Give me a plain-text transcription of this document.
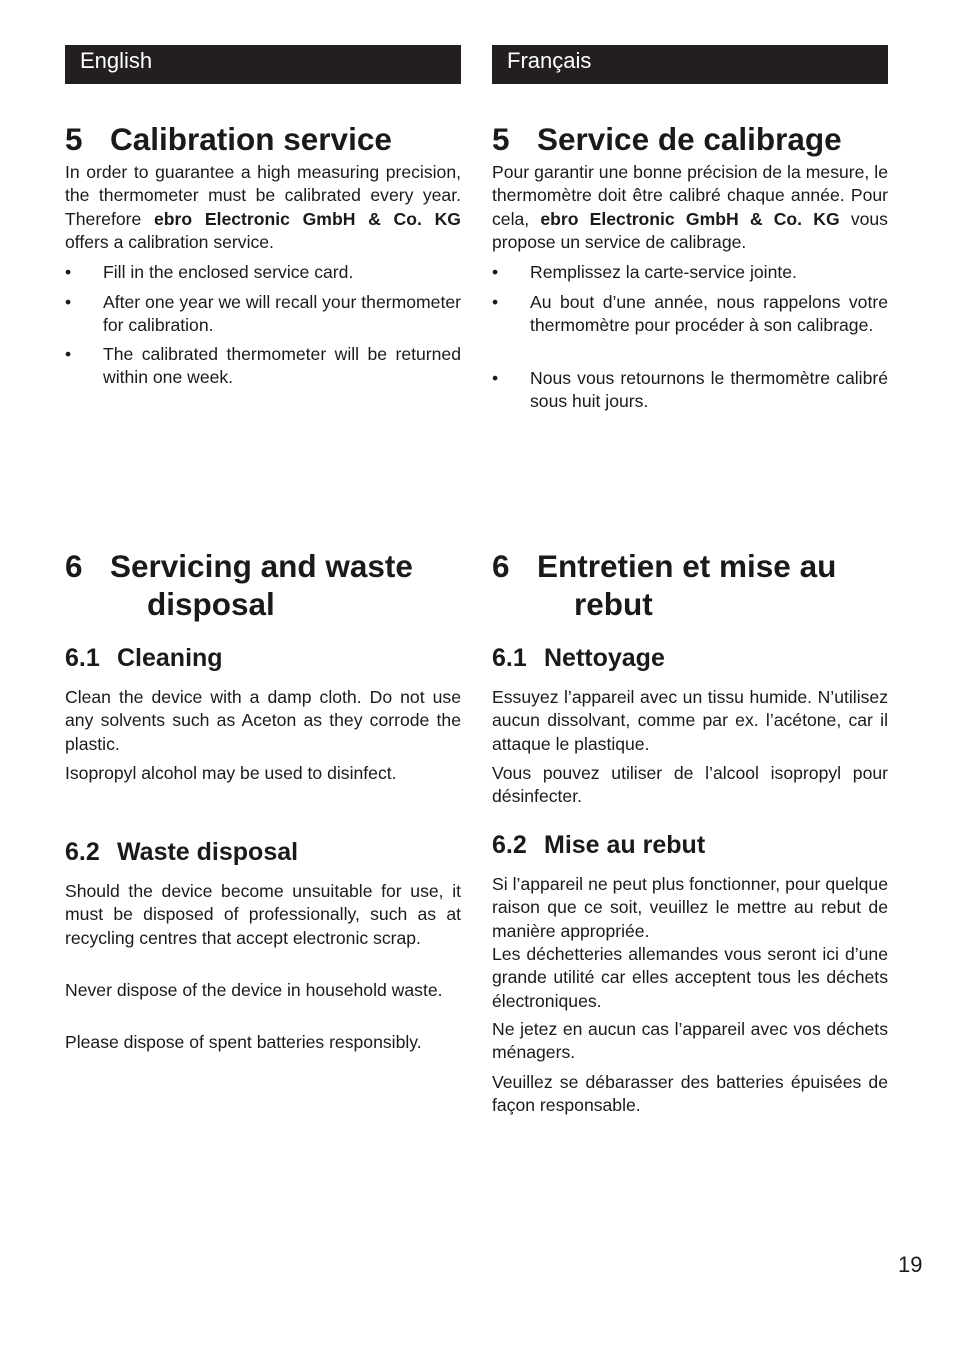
English
5 Calibration service

In order to guarantee a high measuring precision, the thermometer must be calibrated every year. Therefore ebro Electronic GmbH & Co. KG offers a calibration service.

• Fill in the enclosed service card.
• After one year we will recall your thermometer for calibration.
• The calibrated thermometer will be returned within one week.
6 Servicing and waste
disposal
6.1 Cleaning

Clean the device with a damp cloth. Do not use any solvents such as Aceton as they corrode the plastic.

Isopropyl alcohol may be used to disinfect.

6.2 Waste disposal

Should the device become unsuitable for use, it must be disposed of professionally, such as at recycling centres that accept electronic scrap.

Never dispose of the device in household waste.

Please dispose of spent batteries responsibly.

Français
5 Service de calibrage

Pour garantir une bonne précision de la mesure, le thermomètre doit être calibré chaque année. Pour cela, ebro Electronic GmbH & Co. KG vous propose un service de calibrage.

• Remplissez la carte-service jointe.
• Au bout d’une année, nous rappelons votre thermomètre pour procéder à son calibrage.
• Nous vous retournons le thermomètre calibré sous huit jours.
6 Entretien et mise au
rebut
6.1 Nettoyage

Essuyez l’appareil avec un tissu humide. N’utilisez aucun dissolvant, comme par ex. l’acétone, car il attaque le plastique.

Vous pouvez utiliser de l’alcool isopropyl pour désinfecter.

6.2 Mise au rebut

Si l’appareil ne peut plus fonctionner, pour quelque raison que ce soit, veuillez le mettre au rebut de manière appropriée.

Les déchetteries allemandes vous seront ici d’une grande utilité car elles acceptent tous les déchets électroniques.

Ne jetez en aucun cas l’appareil avec vos déchets ménagers.

Veuillez se débarasser des batteries épuisées de façon responsable.

19
